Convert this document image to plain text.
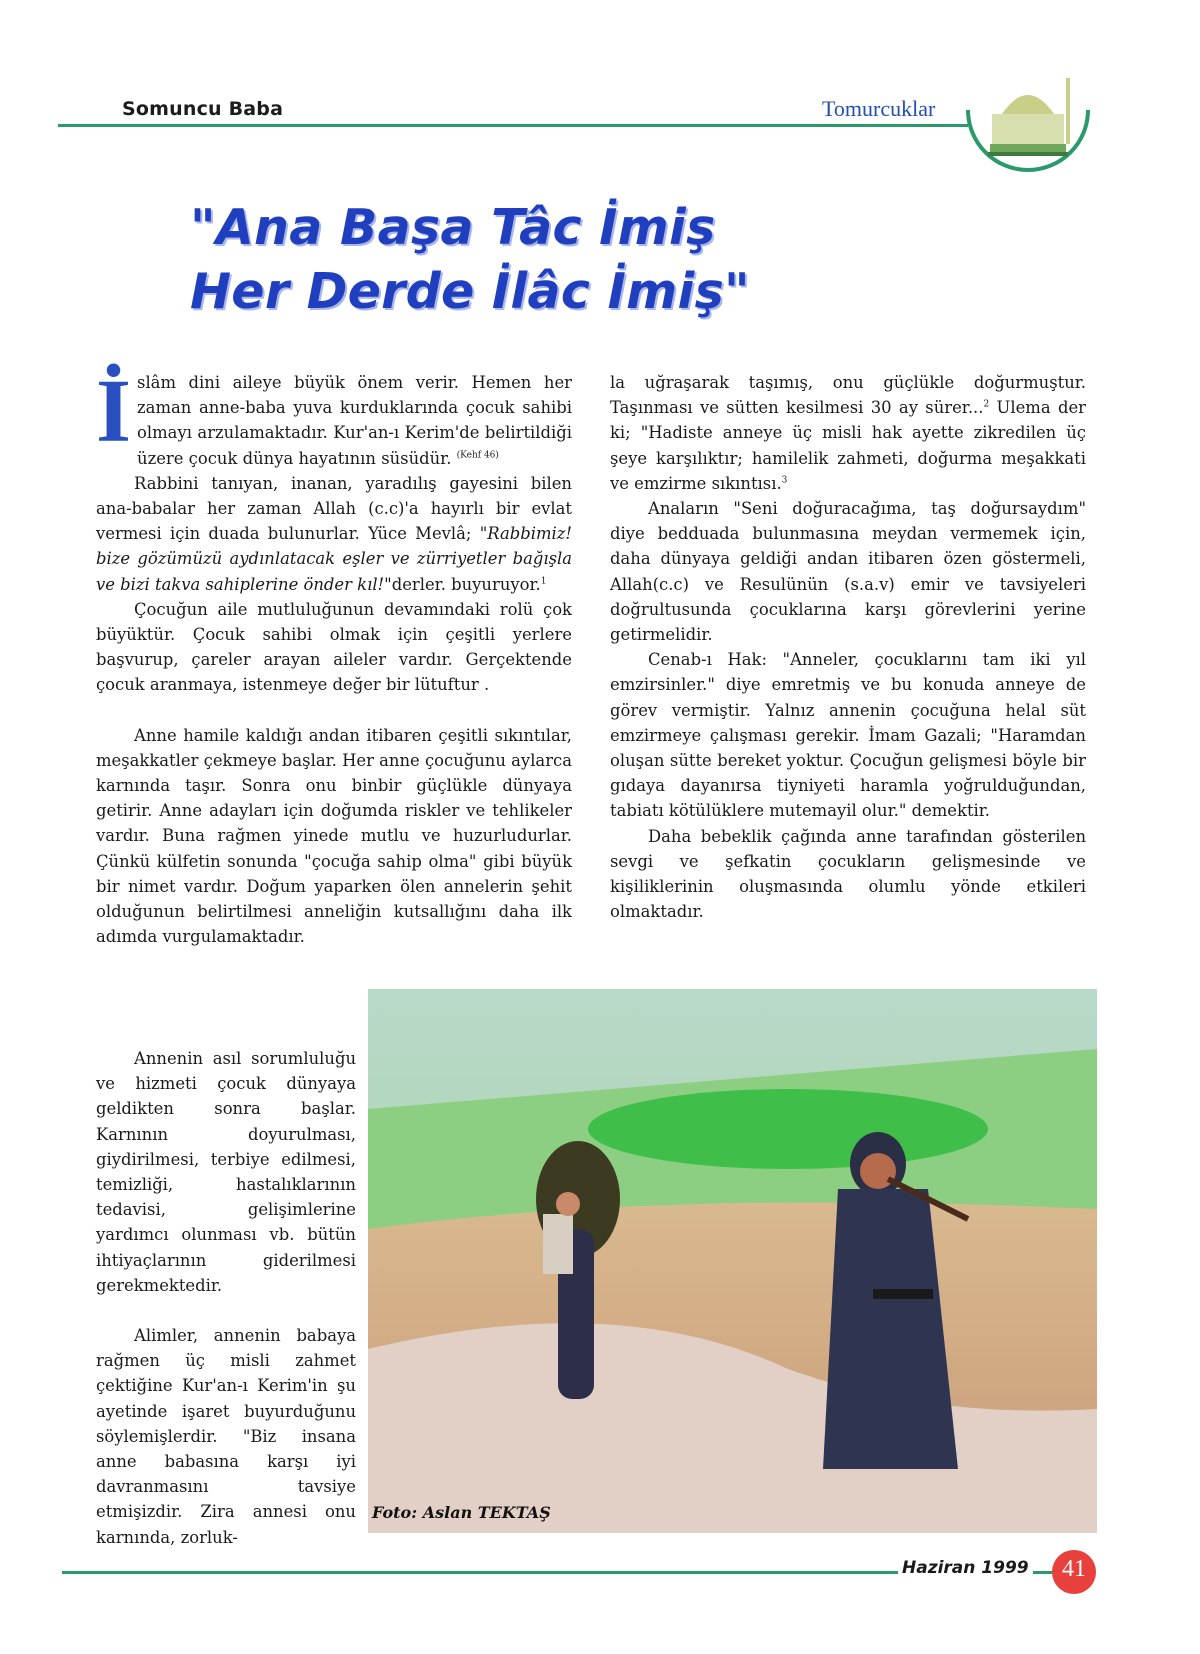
Somuncu Baba	Tomurcuklar
"Ana Başa Tâc İmiş
Her Derde İlâc İmiş"

İslâm dini aileye büyük önem verir. Hemen her zaman anne-baba yuva kurduklarında çocuk sahibi olmayı arzulamaktadır. Kur'an-ı Kerim'de belirtildiği üzere çocuk dünya hayatının süsüdür. $^{(Kehf 46)}$

Rabbini tanıyan, inanan, yaradılış gayesini bilen ana-babalar her zaman Allah (c.c)'a hayırlı bir evlat vermesi için duada bulunurlar. Yüce Mevlâ; "Rabbimiz! bize gözümüzü aydınlatacak eşler ve zürriyetler bağışla ve bizi takva sahiplerine önder kıl!"derler. buyuruyor.$^1$

Çocuğun aile mutluluğunun devamındaki rolü çok büyüktür. Çocuk sahibi olmak için çeşitli yerlere başvurup, çareler arayan aileler vardır. Gerçektende çocuk aranmaya, istenmeye değer bir lütuftur .

Anne hamile kaldığı andan itibaren çeşitli sıkıntılar, meşakkatler çekmeye başlar. Her anne çocuğunu aylarca karnında taşır. Sonra onu binbir güçlükle dünyaya getirir. Anne adayları için doğumda riskler ve tehlikeler vardır. Buna rağmen yinede mutlu ve huzurludurlar. Çünkü külfetin sonunda "çocuğa sahip olma" gibi büyük bir nimet vardır. Doğum yaparken ölen annelerin şehit olduğunun belirtilmesi anneliğin kutsallığını daha ilk adımda vurgulamaktadır.

Annenin asıl sorumluluğu ve hizmeti çocuk dünyaya geldikten sonra başlar. Karnının doyurulması, giydirilmesi, terbiye edilmesi, temizliği, hastalıklarının tedavisi, gelişimlerine yardımcı olunması vb. bütün ihtiyaçlarının giderilmesi gerekmektedir.

Alimler, annenin babaya rağmen üç misli zahmet çektiğine Kur'an-ı Kerim'in şu ayetinde işaret buyurduğunu söylemişlerdir. "Biz insana anne babasına karşı iyi davranmasını tavsiye etmişizdir. Zira annesi onu karnında, zorluk-

la uğraşarak taşımış, onu güçlükle doğurmuştur. Taşınması ve sütten kesilmesi 30 ay sürer...$^2$ Ulema der ki; "Hadiste anneye üç misli hak ayette zikredilen üç şeye karşılıktır; hamilelik zahmeti, doğurma meşakkati ve emzirme sıkıntısı.$^3$

Anaların "Seni doğuracağıma, taş doğursaydım" diye bedduada bulunmasına meydan vermemek için, daha dünyaya geldiği andan itibaren özen göstermeli, Allah(c.c) ve Resulünün (s.a.v) emir ve tavsiyeleri doğrultusunda çocuklarına karşı görevlerini yerine getirmelidir.

Cenab-ı Hak: "Anneler, çocuklarını tam iki yıl emzirsinler." diye emretmiş ve bu konuda anneye de görev vermiştir. Yalnız annenin çocuğuna helal süt emzirmeye çalışması gerekir. İmam Gazali; "Haramdan oluşan sütte bereket yoktur. Çocuğun gelişmesi böyle bir gıdaya dayanırsa tiyniyeti haramla yoğrulduğundan, tabiatı kötülüklere mutemayil olur." demektir.

Daha bebeklik çağında anne tarafından gösterilen sevgi ve şefkatin çocukların gelişmesinde ve kişiliklerinin oluşmasında olumlu yönde etkileri olmaktadır.

Foto: Aslan TEKTAŞ
Haziran 1999	41
